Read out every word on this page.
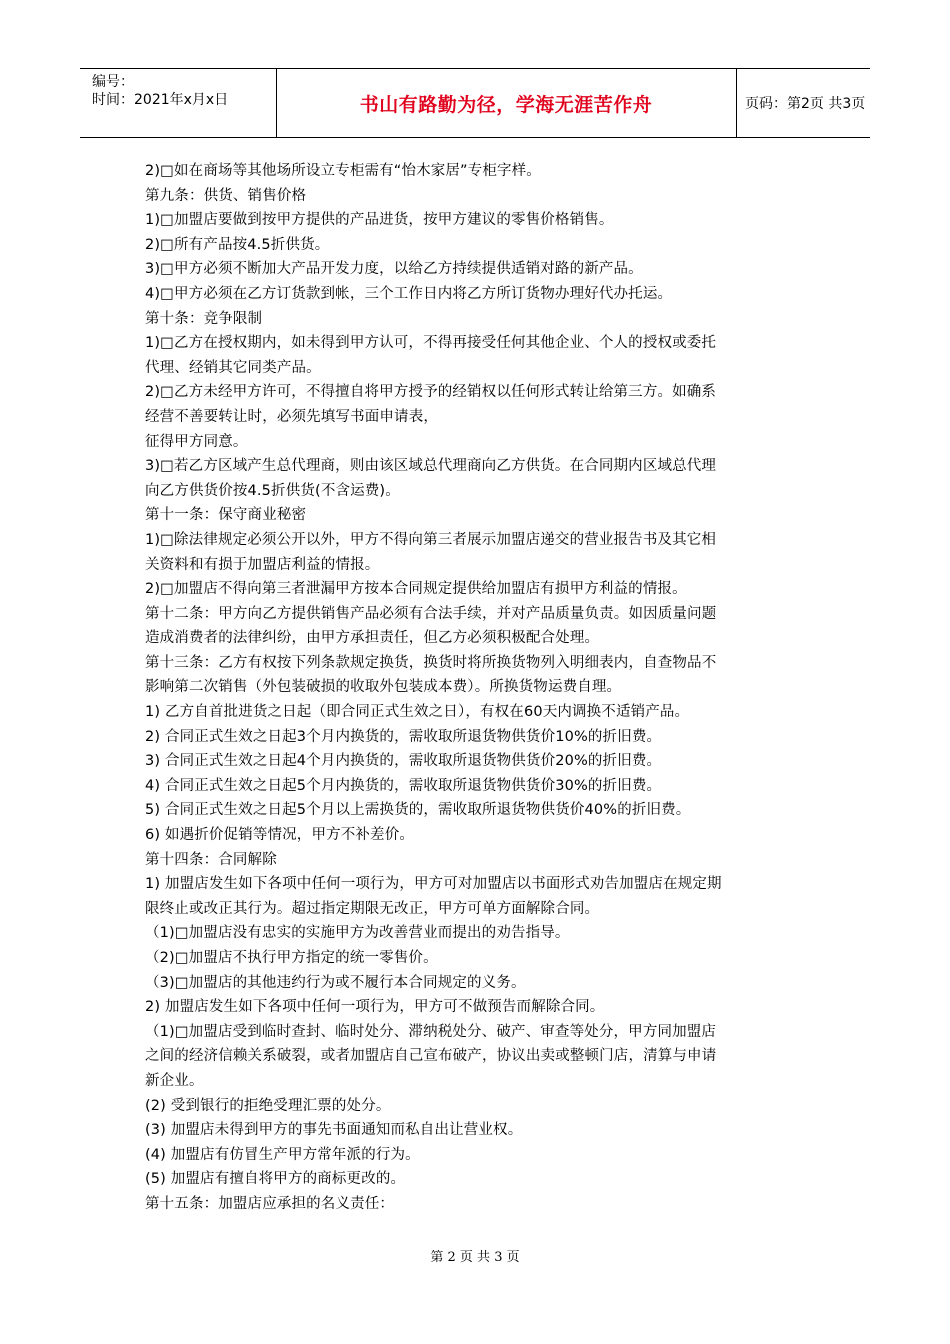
编号：
时间：2021年x月x日	书山有路勤为径，学海无涯苦作舟	页码：第2页 共3页
2)□如在商场等其他场所设立专柜需有“怡木家居”专柜字样。
第九条：供货、销售价格
1)□加盟店要做到按甲方提供的产品进货，按甲方建议的零售价格销售。
2)□所有产品按4.5折供货。
3)□甲方必须不断加大产品开发力度，以给乙方持续提供适销对路的新产品。
4)□甲方必须在乙方订货款到帐，三个工作日内将乙方所订货物办理好代办托运。
第十条：竞争限制
1)□乙方在授权期内，如未得到甲方认可，不得再接受任何其他企业、个人的授权或委托
代理、经销其它同类产品。
2)□乙方未经甲方许可，不得擅自将甲方授予的经销权以任何形式转让给第三方。如确系
经营不善要转让时，必须先填写书面申请表，
征得甲方同意。
3)□若乙方区域产生总代理商，则由该区域总代理商向乙方供货。在合同期内区域总代理
向乙方供货价按4.5折供货(不含运费)。
第十一条：保守商业秘密
1)□除法律规定必须公开以外，甲方不得向第三者展示加盟店递交的营业报告书及其它相
关资料和有损于加盟店利益的情报。
2)□加盟店不得向第三者泄漏甲方按本合同规定提供给加盟店有损甲方利益的情报。
第十二条：甲方向乙方提供销售产品必须有合法手续，并对产品质量负责。如因质量问题
造成消费者的法律纠纷，由甲方承担责任，但乙方必须积极配合处理。
第十三条：乙方有权按下列条款规定换货，换货时将所换货物列入明细表内，自查物品不
影响第二次销售（外包装破损的收取外包装成本费）。所换货物运费自理。
1) 乙方自首批进货之日起（即合同正式生效之日），有权在60天内调换不适销产品。
2) 合同正式生效之日起3个月内换货的，需收取所退货物供货价10%的折旧费。
3) 合同正式生效之日起4个月内换货的，需收取所退货物供货价20%的折旧费。
4) 合同正式生效之日起5个月内换货的，需收取所退货物供货价30%的折旧费。
5) 合同正式生效之日起5个月以上需换货的，需收取所退货物供货价40%的折旧费。
6) 如遇折价促销等情况，甲方不补差价。
第十四条：合同解除
1) 加盟店发生如下各项中任何一项行为，甲方可对加盟店以书面形式劝告加盟店在规定期
限终止或改正其行为。超过指定期限无改正，甲方可单方面解除合同。
（1)□加盟店没有忠实的实施甲方为改善营业而提出的劝告指导。
（2)□加盟店不执行甲方指定的统一零售价。
（3)□加盟店的其他违约行为或不履行本合同规定的义务。
2) 加盟店发生如下各项中任何一项行为，甲方可不做预告而解除合同。
（1)□加盟店受到临时查封、临时处分、滞纳税处分、破产、审查等处分，甲方同加盟店
之间的经济信赖关系破裂，或者加盟店自己宣布破产，协议出卖或整顿门店，清算与申请
新企业。
(2) 受到银行的拒绝受理汇票的处分。
(3) 加盟店未得到甲方的事先书面通知而私自出让营业权。
(4) 加盟店有仿冒生产甲方常年派的行为。
(5) 加盟店有擅自将甲方的商标更改的。
第十五条：加盟店应承担的名义责任：
第 2 页 共 3 页
